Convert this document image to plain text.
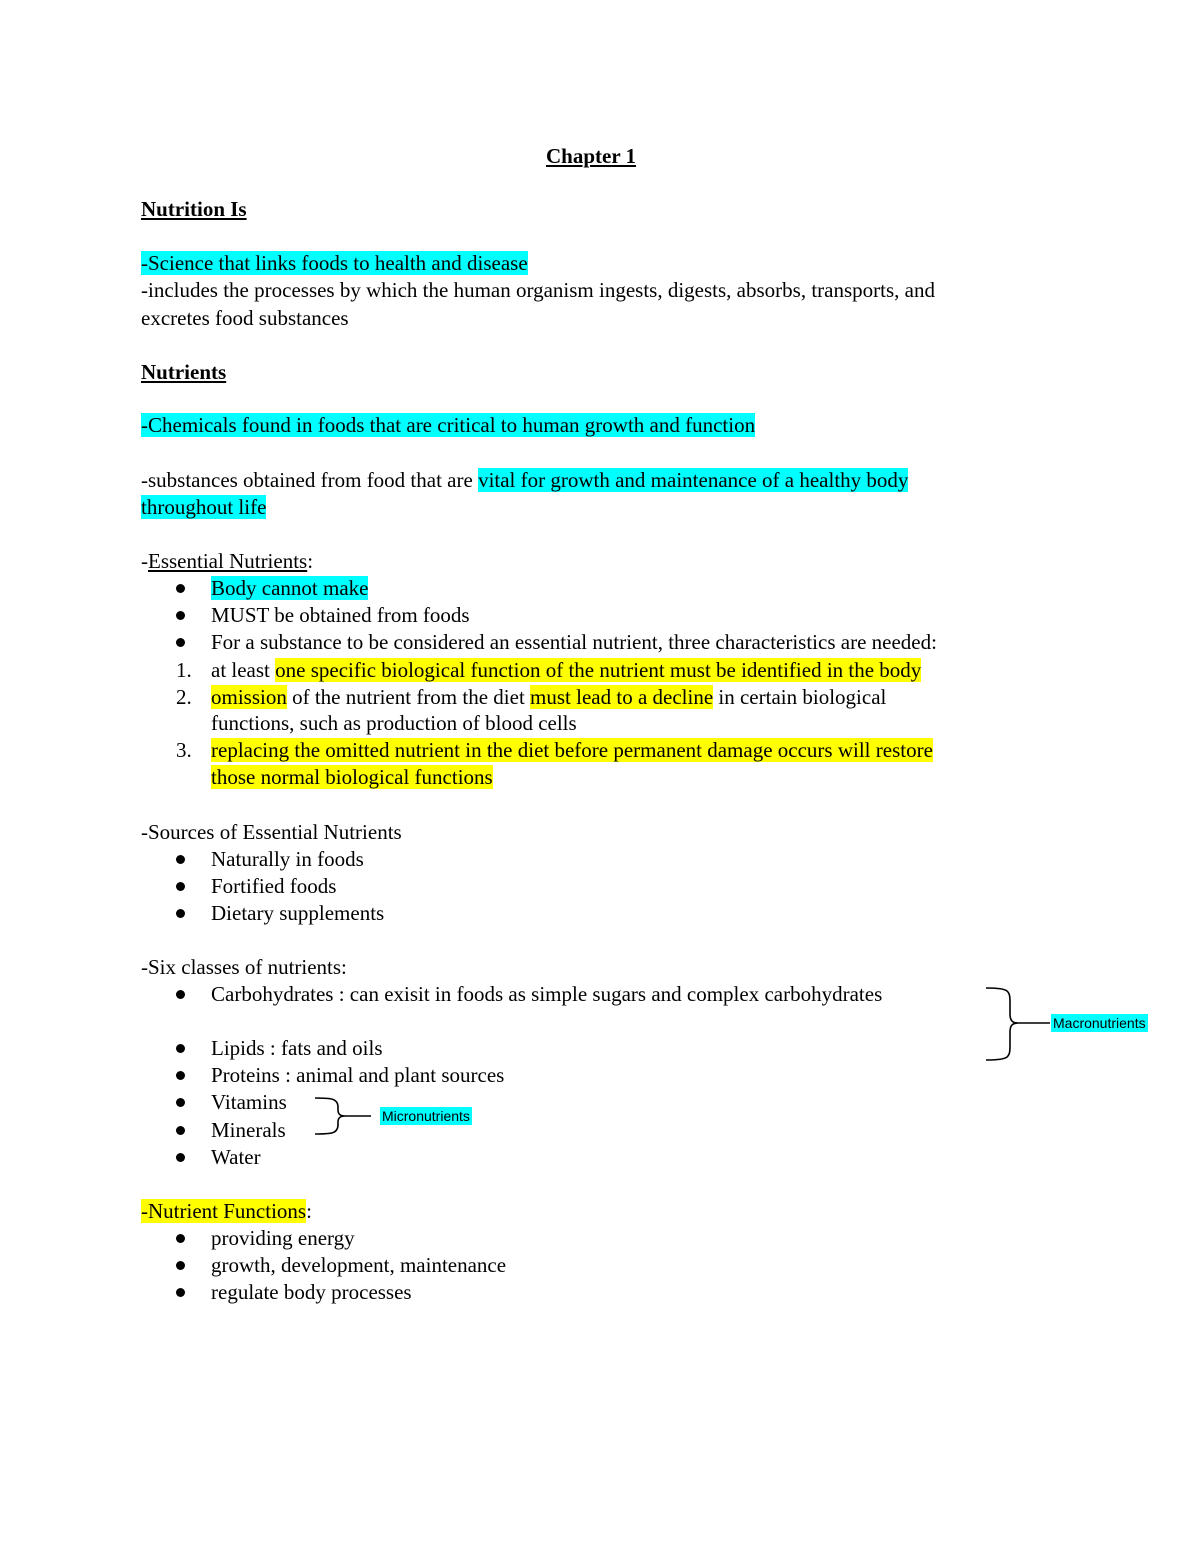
Chapter 1
Nutrition Is
-Science that links foods to health and disease
-includes the processes by which the human organism ingests, digests, absorbs, transports, and
excretes food substances
Nutrients
-Chemicals found in foods that are critical to human growth and function
-substances obtained from food that are vital for growth and maintenance of a healthy body
throughout life
-Essential Nutrients:
Body cannot make
MUST be obtained from foods
For a substance to be considered an essential nutrient, three characteristics are needed:
1. at least one specific biological function of the nutrient must be identified in the body
2. omission of the nutrient from the diet must lead to a decline in certain biological
functions, such as production of blood cells
3. replacing the omitted nutrient in the diet before permanent damage occurs will restore
those normal biological functions
-Sources of Essential Nutrients
Naturally in foods
Fortified foods
Dietary supplements
-Six classes of nutrients:
Carbohydrates : can exisit in foods as simple sugars and complex carbohydrates
Lipids : fats and oils
Proteins : animal and plant sources
Vitamins
Minerals
Water
Macronutrients
Micronutrients
-Nutrient Functions:
providing energy
growth, development, maintenance
regulate body processes
